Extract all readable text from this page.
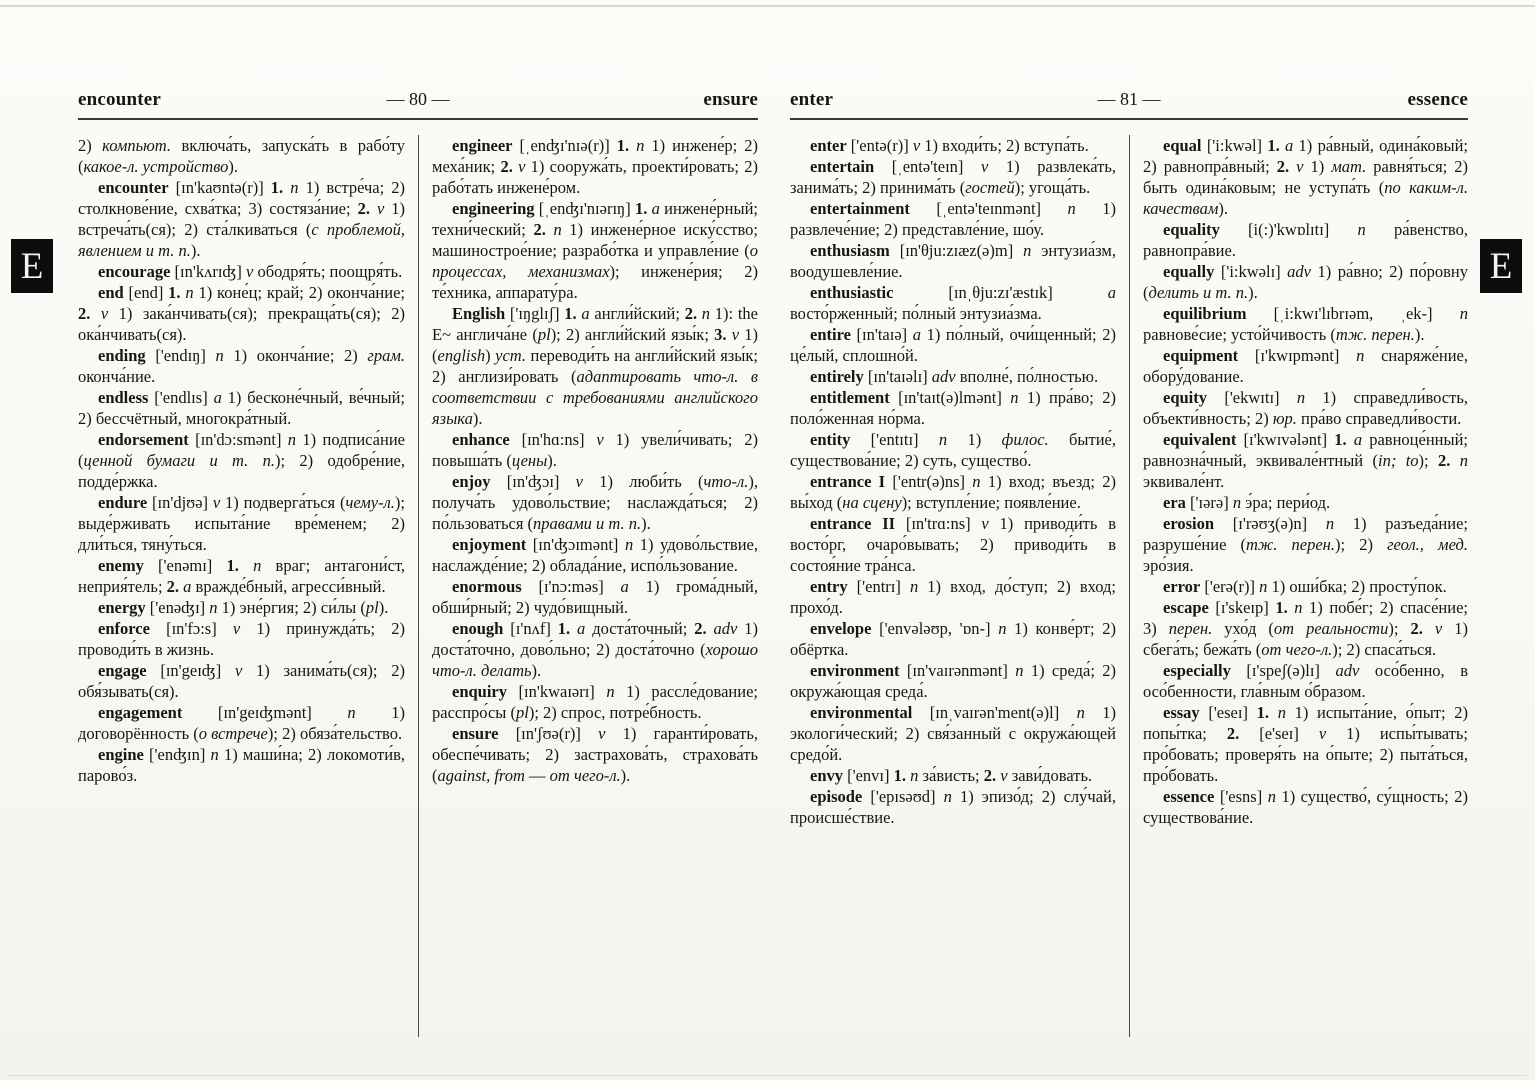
encounter	— 80 —	ensure

2) компьют. включа́ть, запуска́ть в рабо́ту (какое-л. устройство).

encounter [ɪn'kaʊntə(r)] 1. n 1) встре́ча; 2) столкнове́ние, схва́тка; 3) состяза́ние; 2. v 1) встреча́ть(ся); 2) ста́лкиваться (с проблемой, явлением и т. п.).

encourage [ɪn'kʌrɪʤ] v ободря́ть; поощря́ть.

end [end] 1. n 1) коне́ц; край; 2) оконча́ние; 2. v 1) зака́нчивать(ся); прекраща́ть(ся); 2) ока́нчивать(ся).

ending ['endɪŋ] n 1) оконча́ние; 2) грам. оконча́ние.

endless ['endlɪs] a 1) бесконе́чный, ве́чный; 2) бессчётный, многокра́тный.

endorsement [ɪn'dɔ:smənt] n 1) подписа́ние (ценной бумаги и т. п.); 2) одобре́ние, подде́ржка.

endure [ɪn'djʊə] v 1) подверга́ться (чему-л.); выде́рживать испыта́ние вре́менем; 2) дли́ться, тяну́ться.

enemy ['enəmɪ] 1. n враг; антагони́ст, неприя́тель; 2. a вражде́бный, агресси́вный.

energy ['enəʤɪ] n 1) эне́ргия; 2) си́лы (pl).

enforce [ɪn'fɔ:s] v 1) принужда́ть; 2) проводи́ть в жизнь.

engage [ɪn'geɪʤ] v 1) занима́ть(ся); 2) обя́зывать(ся).

engagement [ɪn'geɪʤmənt] n 1) договорённость (о встрече); 2) обяза́тельство.

engine ['enʤɪn] n 1) маши́на; 2) локомоти́в, парово́з.

engineer [ˌenʤɪ'nɪə(r)] 1. n 1) инжене́р; 2) меха́ник; 2. v 1) сооружа́ть, проекти́ровать; 2) рабо́тать инжене́ром.

engineering [ˌenʤɪ'nɪərɪŋ] 1. a инжене́рный; техни́ческий; 2. n 1) инжене́рное иску́сство; машинострое́ние; разрабо́тка и управле́ние (о процессах, механизмах); инжене́рия; 2) те́хника, аппарату́ра.

English ['ɪŋglɪʃ] 1. a англи́йский; 2. n 1): the E~ англича́не (pl); 2) англи́йский язы́к; 3. v 1) (english) уст. переводи́ть на англи́йский язы́к; 2) англизи́ровать (адаптировать что-л. в соответствии с требованиями английского языка).

enhance [ɪn'hɑ:ns] v 1) увели́чивать; 2) повыша́ть (цены).

enjoy [ɪn'ʤɔɪ] v 1) люби́ть (что-л.), получа́ть удово́льствие; наслажда́ться; 2) по́льзоваться (правами и т. п.).

enjoyment [ɪn'ʤɔɪmənt] n 1) удово́льствие, наслажде́ние; 2) облада́ние, испо́льзование.

enormous [ɪ'nɔ:məs] a 1) грома́дный, обши́рный; 2) чудо́вищный.

enough [ɪ'nʌf] 1. a доста́точный; 2. adv 1) доста́точно, дово́льно; 2) доста́точно (хорошо что-л. делать).

enquiry [ɪn'kwaɪərɪ] n 1) рассле́дование; расспро́сы (pl); 2) спрос, потре́бность.

ensure [ɪn'ʃʊə(r)] v 1) гаранти́ровать, обеспе́чивать; 2) застрахова́ть, страхова́ть (against, from — от чего-л.).

enter	— 81 —	essence

enter ['entə(r)] v 1) входи́ть; 2) вступа́ть.

entertain [ˌentə'teɪn] v 1) развлека́ть, занима́ть; 2) принима́ть (гостей); угоща́ть.

entertainment [ˌentə'teɪnmənt] n 1) развлече́ние; 2) представле́ние, шо́у.

enthusiasm [ɪn'θju:zɪæz(ə)m] n энтузиа́зм, воодушевле́ние.

enthusiastic [ɪnˌθju:zɪ'æstɪk] a восто́рженный; по́лный энтузиа́зма.

entire [ɪn'taɪə] a 1) по́лный, очи́щенный; 2) це́лый, сплошно́й.

entirely [ɪn'taɪəlɪ] adv вполне́, по́лностью.

entitlement [ɪn'taɪt(ə)lmənt] n 1) пра́во; 2) поло́женная но́рма.

entity ['entɪtɪ] n 1) филос. бытие́, существова́ние; 2) суть, существо́.

entrance I ['entr(ə)ns] n 1) вход; въезд; 2) вы́ход (на сцену); вступле́ние; появле́ние.

entrance II [ɪn'trɑ:ns] v 1) приводи́ть в восто́рг, очаро́вывать; 2) приводи́ть в состоя́ние тра́нса.

entry ['entrɪ] n 1) вход, до́ступ; 2) вход; прохо́д.

envelope ['envələʊp, 'ɒn-] n 1) конве́рт; 2) обёртка.

environment [ɪn'vaɪrənmənt] n 1) среда́; 2) окружа́ющая среда́.

environmental [ɪnˌvaɪrən'ment(ə)l] n 1) экологи́ческий; 2) свя́занный с окружа́ющей средо́й.

envy ['envɪ] 1. n за́висть; 2. v зави́довать.

episode ['epɪsəʊd] n 1) эпизо́д; 2) слу́чай, происше́ствие.

equal ['i:kwəl] 1. a 1) ра́вный, одина́ковый; 2) равнопра́вный; 2. v 1) мат. равня́ться; 2) быть одина́ковым; не уступа́ть (по каким-л. качествам).

equality [i(:)'kwɒlɪtɪ] n ра́венство, равнопра́вие.

equally ['i:kwəlɪ] adv 1) ра́вно; 2) по́ровну (делить и т. п.).

equilibrium [ˌi:kwɪ'lɪbrɪəm, ˌek-] n равнове́сие; усто́йчивость (тж. перен.).

equipment [ɪ'kwɪpmənt] n снаряже́ние, обору́дование.

equity ['ekwɪtɪ] n 1) справедли́вость, объекти́вность; 2) юр. пра́во справедли́вости.

equivalent [ɪ'kwɪvələnt] 1. a равноце́нный; равнозна́чный, эквивале́нтный (in; to); 2. n эквивале́нт.

era ['ɪərə] n э́ра; пери́од.

erosion [ɪ'rəʊʒ(ə)n] n 1) разъеда́ние; разруше́ние (тж. перен.); 2) геол., мед. эро́зия.

error ['erə(r)] n 1) оши́бка; 2) просту́пок.

escape [ɪ'skeɪp] 1. n 1) побе́г; 2) спасе́ние; 3) перен. ухо́д (от реальности); 2. v 1) сбега́ть; бежа́ть (от чего-л.); 2) спаса́ться.

especially [ɪ'speʃ(ə)lɪ] adv осо́бенно, в осо́бенности, гла́вным о́бразом.

essay ['eseɪ] 1. n 1) испыта́ние, о́пыт; 2) попы́тка; 2. [e'seɪ] v 1) испы́тывать; про́бовать; проверя́ть на о́пыте; 2) пыта́ться, про́бовать.

essence ['esns] n 1) существо́, су́щность; 2) существова́ние.

E	E
